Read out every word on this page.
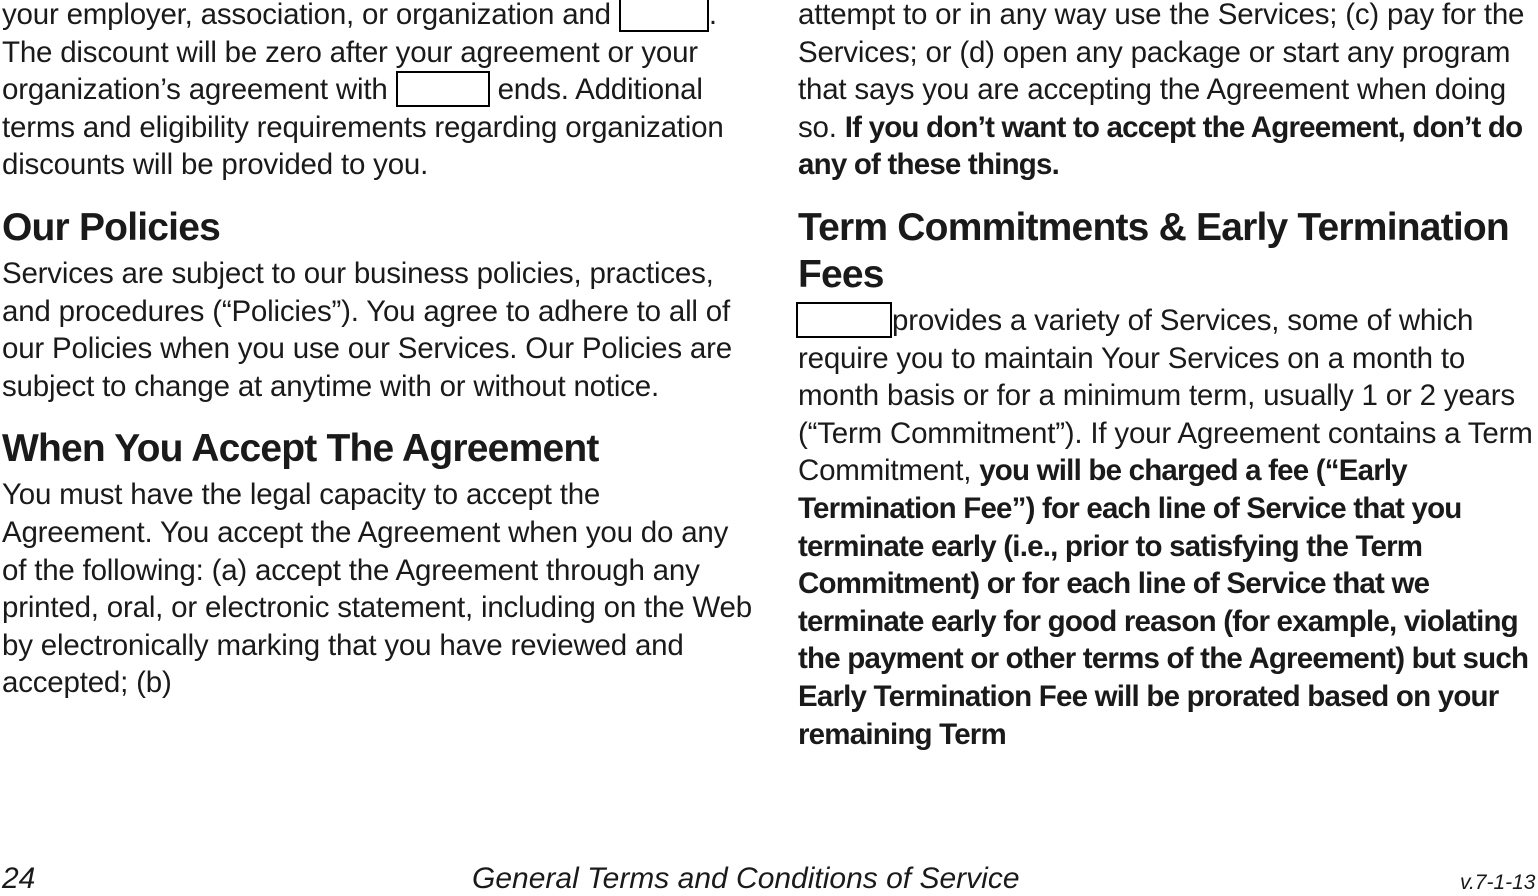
your employer, association, or organization and	. The discount will be zero after your agreement or your organization’s agreement with	ends. Additional terms and eligibility requirements regarding organization discounts will be provided to you.

Our Policies

Services are subject to our business policies, practices, and procedures (“Policies”). You agree to adhere to all of our Policies when you use our Services. Our Policies are subject to change at anytime with or without notice.

When You Accept The Agreement

You must have the legal capacity to accept the Agreement. You accept the Agreement when you do any of the following: (a) accept the Agreement through any printed, oral, or electronic statement, including on the Web by electronically marking that you have reviewed and accepted; (b)

attempt to or in any way use the Services; (c) pay for the Services; or (d) open any package or start any program that says you are accepting the Agreement when doing so. If you don’t want to accept the Agreement, don’t do any of these things.

Term Commitments & Early Termination Fees

provides a variety of Services, some of which require you to maintain Your Services on a month to month basis or for a minimum term, usually 1 or 2 years (“Term Commitment”). If your Agreement contains a Term Commitment, you will be charged a fee (“Early Termination Fee”) for each line of Service that you terminate early (i.e., prior to satisfying the Term Commitment) or for each line of Service that we terminate early for good reason (for example, violating the payment or other terms of the Agreement) but such Early Termination Fee will be prorated based on your remaining Term

24	General Terms and Conditions of Service	v.7-1-13
